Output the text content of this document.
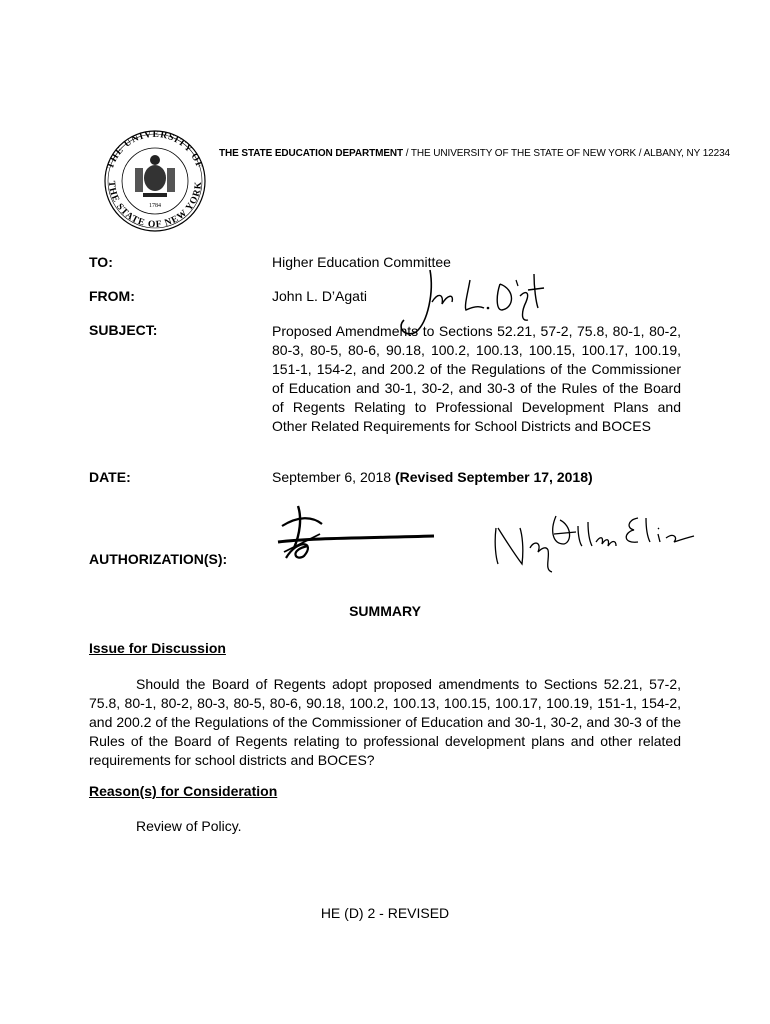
THE UNIVERSITY OF
THE STATE OF NEW YORK
1784
THE STATE EDUCATION DEPARTMENT / THE UNIVERSITY OF THE STATE OF NEW YORK / ALBANY, NY 12234
TO:	Higher Education Committee
FROM:	John L. D’Agati
SUBJECT:	Proposed Amendments to Sections 52.21, 57-2, 75.8, 80-1, 80-2, 80-3, 80-5, 80-6, 90.18, 100.2, 100.13, 100.15, 100.17, 100.19, 151-1, 154-2, and 200.2 of the Regulations of the Commissioner of Education and 30-1, 30-2, and 30-3 of the Rules of the Board of Regents Relating to Professional Development Plans and Other Related Requirements for School Districts and BOCES
DATE:	September 6, 2018 (Revised September 17, 2018)
AUTHORIZATION(S):
SUMMARY
Issue for Discussion
Should the Board of Regents adopt proposed amendments to Sections 52.21, 57-2, 75.8, 80-1, 80-2, 80-3, 80-5, 80-6, 90.18, 100.2, 100.13, 100.15, 100.17, 100.19, 151-1, 154-2, and 200.2 of the Regulations of the Commissioner of Education and 30-1, 30-2, and 30-3 of the Rules of the Board of Regents relating to professional development plans and other related requirements for school districts and BOCES?
Reason(s) for Consideration
Review of Policy.
HE (D) 2 - REVISED
